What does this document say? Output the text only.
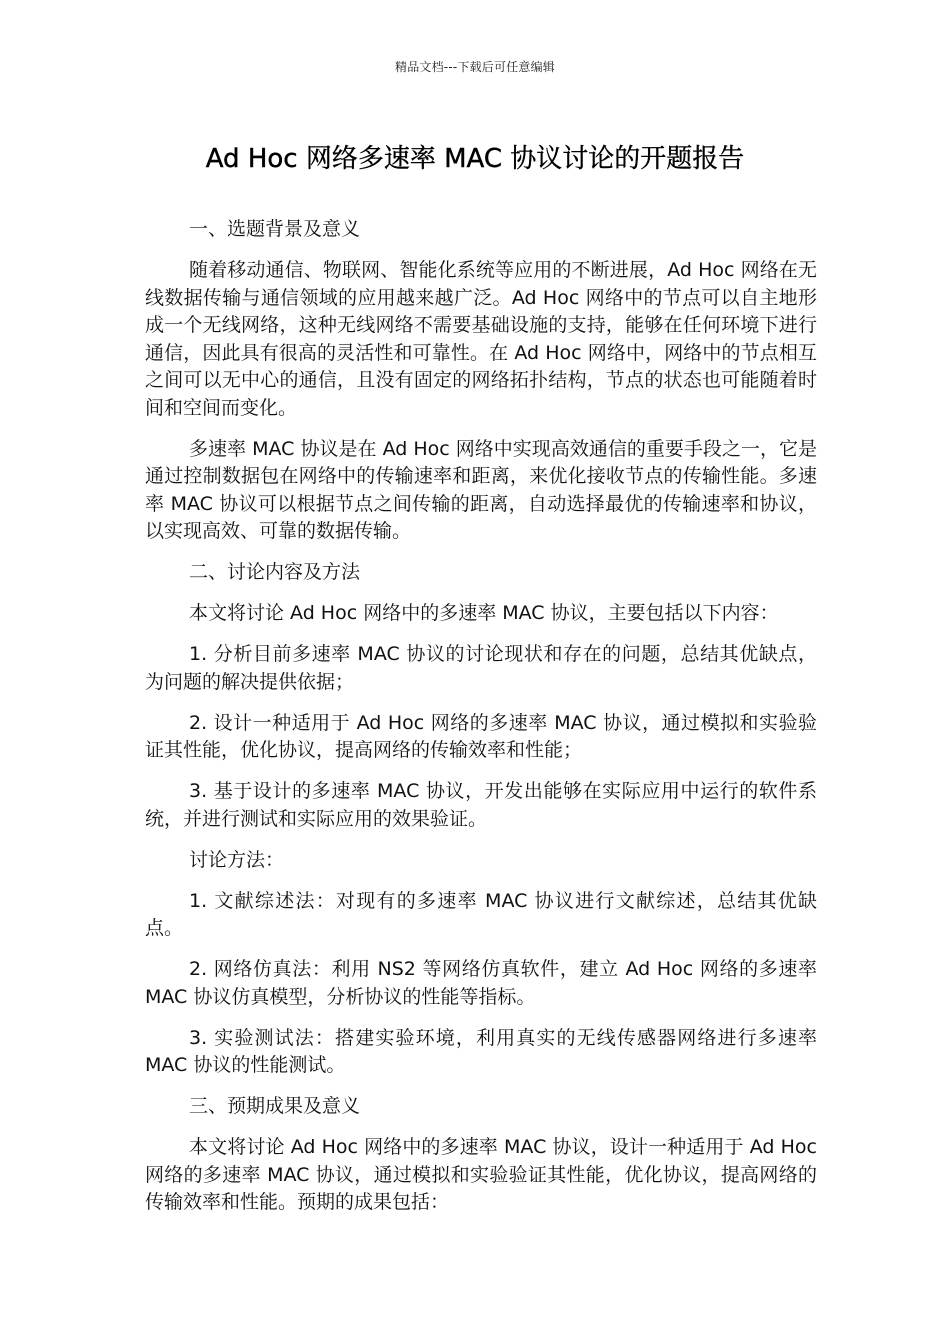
精品文档---下载后可任意编辑
Ad Hoc 网络多速率 MAC 协议讨论的开题报告

一、选题背景及意义

随着移动通信、物联网、智能化系统等应用的不断进展，Ad Hoc 网络在无线数据传输与通信领域的应用越来越广泛。Ad Hoc 网络中的节点可以自主地形成一个无线网络，这种无线网络不需要基础设施的支持，能够在任何环境下进行通信，因此具有很高的灵活性和可靠性。在 Ad Hoc 网络中，网络中的节点相互之间可以无中心的通信，且没有固定的网络拓扑结构，节点的状态也可能随着时间和空间而变化。

多速率 MAC 协议是在 Ad Hoc 网络中实现高效通信的重要手段之一，它是通过控制数据包在网络中的传输速率和距离，来优化接收节点的传输性能。多速率 MAC 协议可以根据节点之间传输的距离，自动选择最优的传输速率和协议，以实现高效、可靠的数据传输。

二、讨论内容及方法

本文将讨论 Ad Hoc 网络中的多速率 MAC 协议，主要包括以下内容：

1. 分析目前多速率 MAC 协议的讨论现状和存在的问题，总结其优缺点，为问题的解决提供依据；

2. 设计一种适用于 Ad Hoc 网络的多速率 MAC 协议，通过模拟和实验验证其性能，优化协议，提高网络的传输效率和性能；

3. 基于设计的多速率 MAC 协议，开发出能够在实际应用中运行的软件系统，并进行测试和实际应用的效果验证。

讨论方法：

1. 文献综述法：对现有的多速率 MAC 协议进行文献综述，总结其优缺点。

2. 网络仿真法：利用 NS2 等网络仿真软件，建立 Ad Hoc 网络的多速率 MAC 协议仿真模型，分析协议的性能等指标。

3. 实验测试法：搭建实验环境，利用真实的无线传感器网络进行多速率 MAC 协议的性能测试。

三、预期成果及意义

本文将讨论 Ad Hoc 网络中的多速率 MAC 协议，设计一种适用于 Ad Hoc 网络的多速率 MAC 协议，通过模拟和实验验证其性能，优化协议，提高网络的传输效率和性能。预期的成果包括：
